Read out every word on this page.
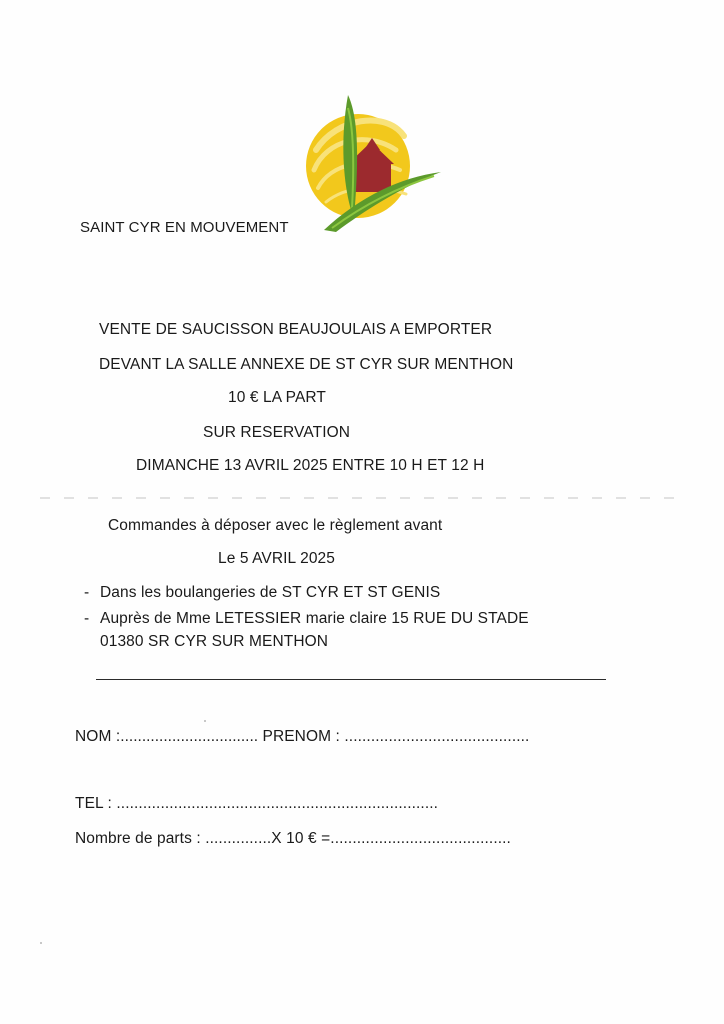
SAINT CYR EN MOUVEMENT
VENTE DE SAUCISSON BEAUJOULAIS A EMPORTER
DEVANT LA SALLE ANNEXE DE ST CYR SUR MENTHON
10 € LA PART
SUR RESERVATION
DIMANCHE 13 AVRIL 2025 ENTRE 10 H ET 12 H
Commandes à déposer avec le règlement avant
Le 5 AVRIL 2025
- Dans les boulangeries de ST CYR ET ST GENIS
- Auprès de Mme LETESSIER marie claire 15 RUE DU STADE
01380 SR CYR SUR MENTHON
NOM :................................ PRENOM : ..........................................
TEL : .........................................................................
Nombre de parts : ...............X 10 € =.........................................
